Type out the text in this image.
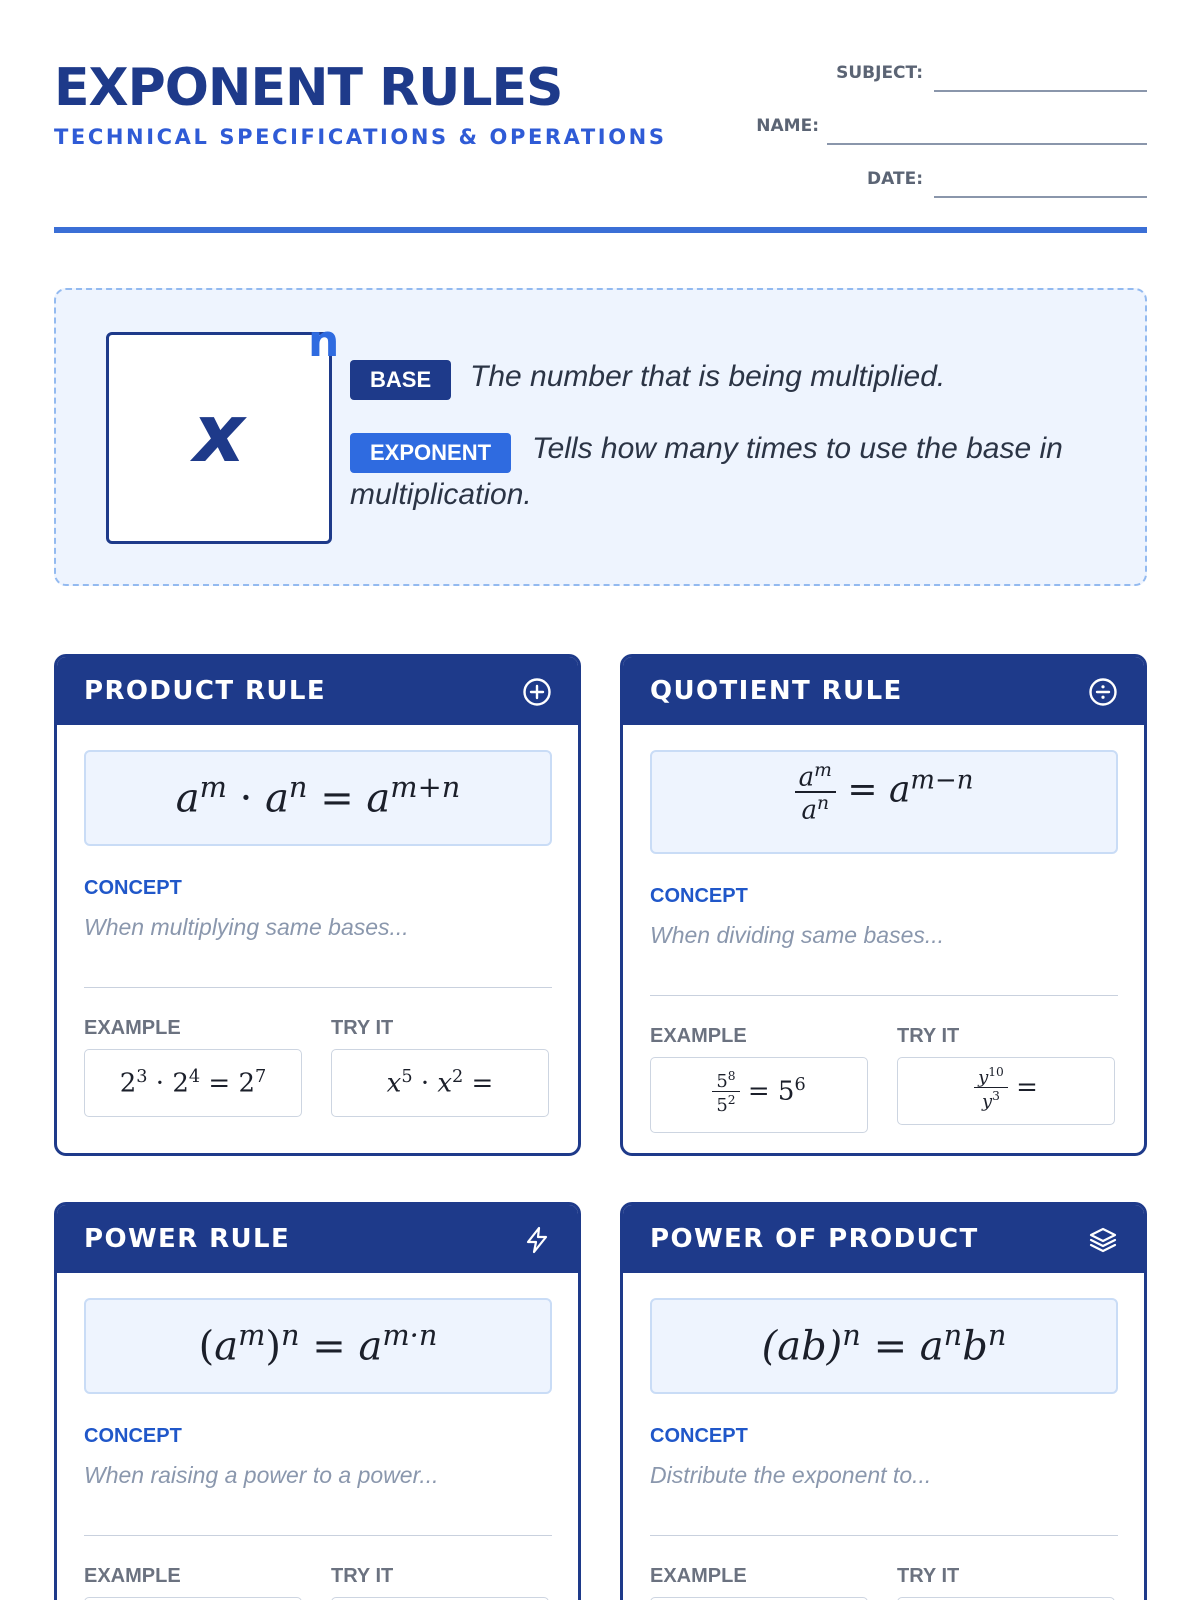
EXPONENT RULES
TECHNICAL SPECIFICATIONS & OPERATIONS
SUBJECT:
NAME:
DATE:
x
n
BASE	The number that is being multiplied.
EXPONENT	Tells how many times to use the base in
multiplication.
PRODUCT RULE
$a^m \cdot a^n = a^{m+n}$
CONCEPT
When multiplying same bases...
EXAMPLE	TRY IT
$2^3 \cdot 2^4 = 2^7$	$x^5 \cdot x^2$ =
QUOTIENT RULE
$\frac{a^m}{a^n} = a^{m-n}$
CONCEPT
When dividing same bases...
EXAMPLE	TRY IT
$\frac{5^8}{5^2} = 5^6$	$\frac{y^{10}}{y^3}$ =
POWER RULE
$(a^m)^n = a^{m\cdot n}$
CONCEPT
When raising a power to a power...
EXAMPLE	TRY IT
POWER OF PRODUCT
$(ab)^n = a^nb^n$
CONCEPT
Distribute the exponent to...
EXAMPLE	TRY IT
